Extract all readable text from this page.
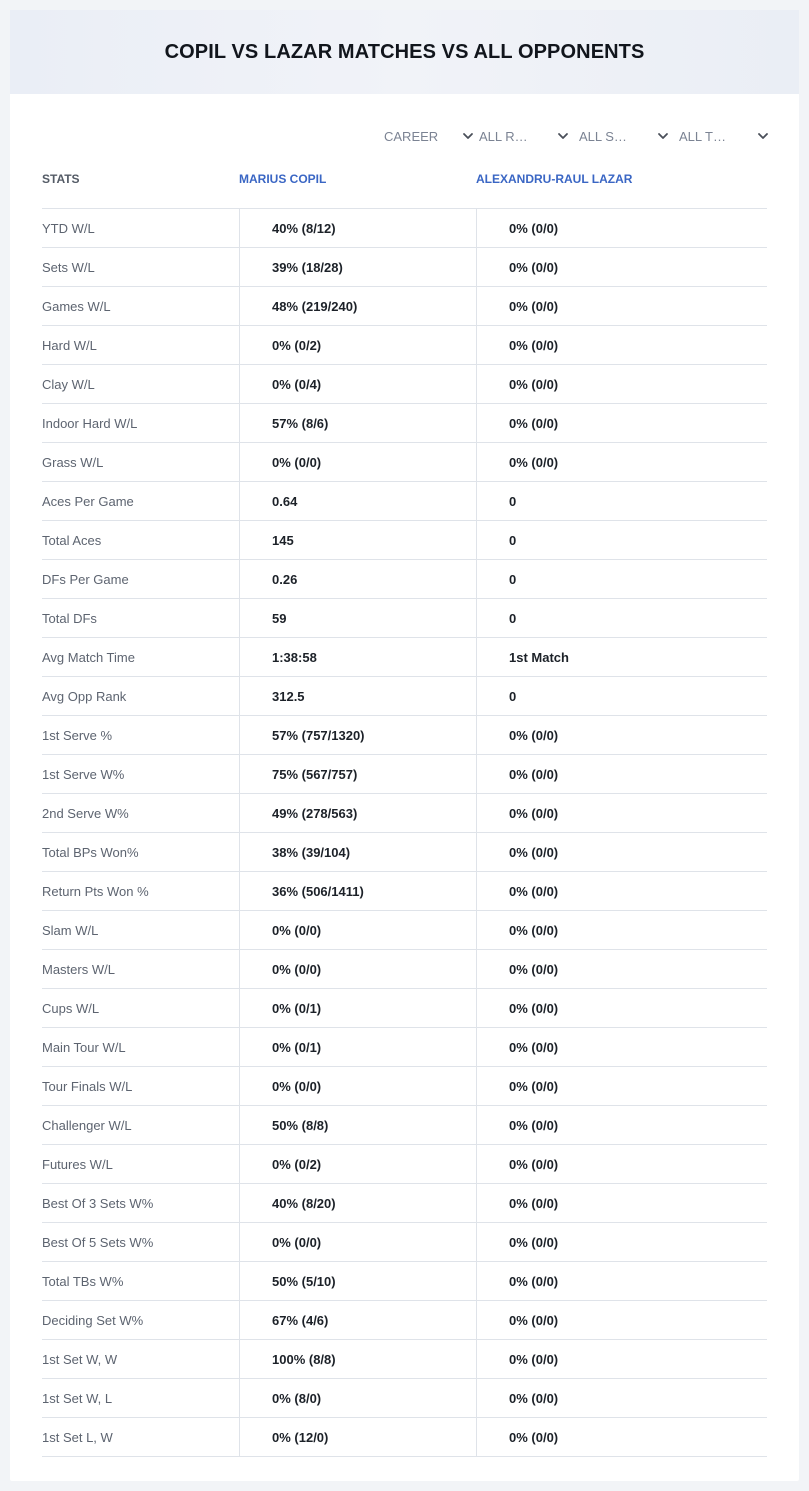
COPIL VS LAZAR MATCHES VS ALL OPPONENTS
CAREER	ALL R…	ALL S…	ALL T…
STATS	MARIUS COPIL	ALEXANDRU-RAUL LAZAR
YTD W/L	40% (8/12)	0% (0/0)
Sets W/L	39% (18/28)	0% (0/0)
Games W/L	48% (219/240)	0% (0/0)
Hard W/L	0% (0/2)	0% (0/0)
Clay W/L	0% (0/4)	0% (0/0)
Indoor Hard W/L	57% (8/6)	0% (0/0)
Grass W/L	0% (0/0)	0% (0/0)
Aces Per Game	0.64	0
Total Aces	145	0
DFs Per Game	0.26	0
Total DFs	59	0
Avg Match Time	1:38:58	1st Match
Avg Opp Rank	312.5	0
1st Serve %	57% (757/1320)	0% (0/0)
1st Serve W%	75% (567/757)	0% (0/0)
2nd Serve W%	49% (278/563)	0% (0/0)
Total BPs Won%	38% (39/104)	0% (0/0)
Return Pts Won %	36% (506/1411)	0% (0/0)
Slam W/L	0% (0/0)	0% (0/0)
Masters W/L	0% (0/0)	0% (0/0)
Cups W/L	0% (0/1)	0% (0/0)
Main Tour W/L	0% (0/1)	0% (0/0)
Tour Finals W/L	0% (0/0)	0% (0/0)
Challenger W/L	50% (8/8)	0% (0/0)
Futures W/L	0% (0/2)	0% (0/0)
Best Of 3 Sets W%	40% (8/20)	0% (0/0)
Best Of 5 Sets W%	0% (0/0)	0% (0/0)
Total TBs W%	50% (5/10)	0% (0/0)
Deciding Set W%	67% (4/6)	0% (0/0)
1st Set W, W	100% (8/8)	0% (0/0)
1st Set W, L	0% (8/0)	0% (0/0)
1st Set L, W	0% (12/0)	0% (0/0)
